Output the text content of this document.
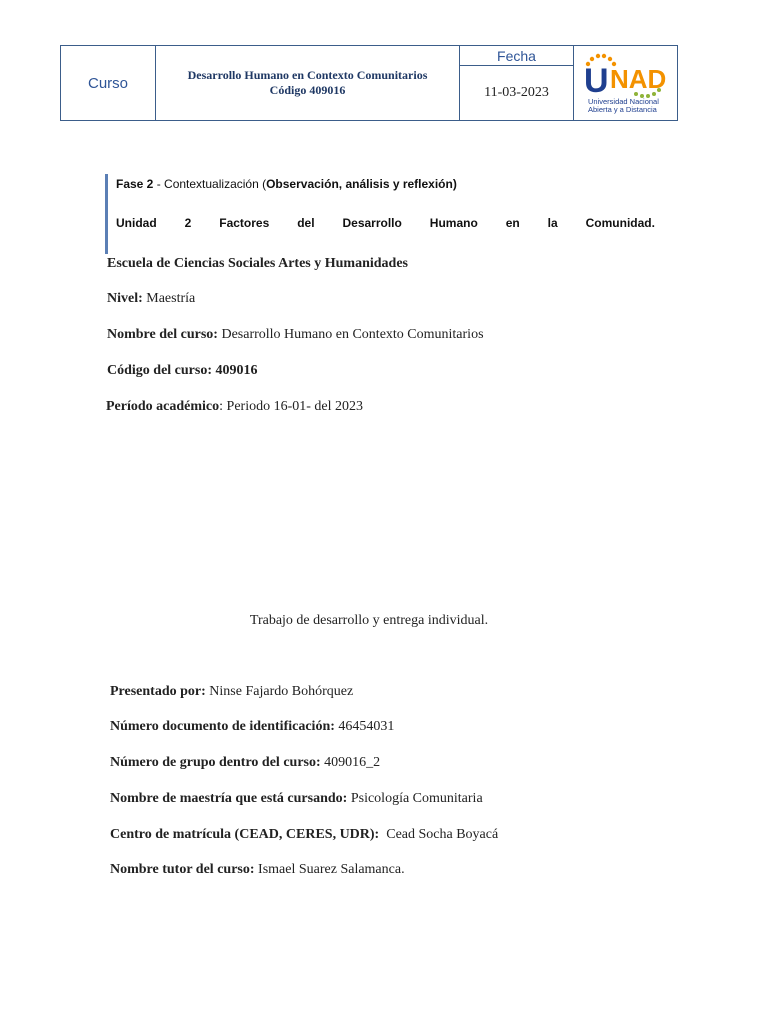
Curso	Desarrollo Humano en Contexto Comunitarios
Código 409016
Fecha
11-03-2023	U NAD
Universidad Nacional
Abierta y a Distancia
Fase 2 - Contextualización (Observación, análisis y reflexión)
Unidad 2 Factores del Desarrollo Humano en la Comunidad.
Escuela de Ciencias Sociales Artes y Humanidades
Nivel: Maestría
Nombre del curso: Desarrollo Humano en Contexto Comunitarios
Código del curso: 409016
Período académico: Periodo 16-01- del 2023
Trabajo de desarrollo y entrega individual.
Presentado por: Ninse Fajardo Bohórquez
Número documento de identificación: 46454031
Número de grupo dentro del curso: 409016_2
Nombre de maestría que está cursando: Psicología Comunitaria
Centro de matrícula (CEAD, CERES, UDR):  Cead Socha Boyacá
Nombre tutor del curso: Ismael Suarez Salamanca.
